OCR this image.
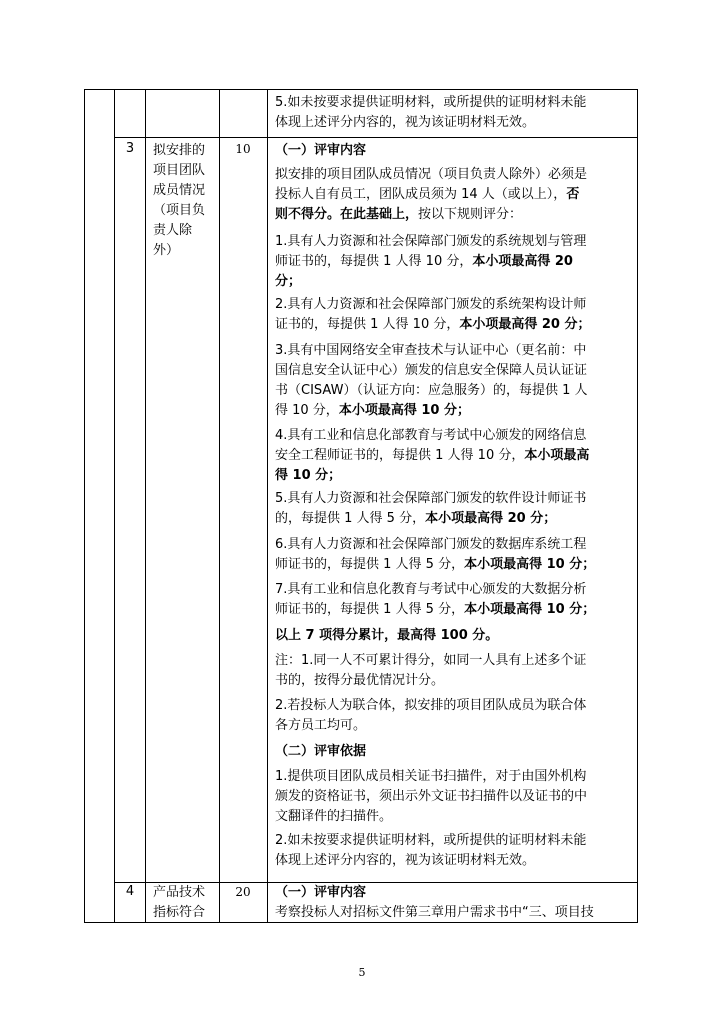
5.如未按要求提供证明材料，或所提供的证明材料未能
体现上述评分内容的，视为该证明材料无效。
3	拟安排的
项目团队
成员情况
（项目负
责人除
外）
10	（一）评审内容
拟安排的项目团队成员情况（项目负责人除外）必须是
投标人自有员工，团队成员须为 14 人（或以上），否
则不得分。在此基础上，按以下规则评分：
1.具有人力资源和社会保障部门颁发的系统规划与管理
师证书的，每提供 1 人得 10 分，本小项最高得 20
分；
2.具有人力资源和社会保障部门颁发的系统架构设计师
证书的，每提供 1 人得 10 分，本小项最高得 20 分；
3.具有中国网络安全审查技术与认证中心（更名前：中
国信息安全认证中心）颁发的信息安全保障人员认证证
书（CISAW）（认证方向：应急服务）的，每提供 1 人
得 10 分，本小项最高得 10 分；
4.具有工业和信息化部教育与考试中心颁发的网络信息
安全工程师证书的，每提供 1 人得 10 分，本小项最高
得 10 分；
5.具有人力资源和社会保障部门颁发的软件设计师证书
的，每提供 1 人得 5 分，本小项最高得 20 分；
6.具有人力资源和社会保障部门颁发的数据库系统工程
师证书的，每提供 1 人得 5 分，本小项最高得 10 分；
7.具有工业和信息化教育与考试中心颁发的大数据分析
师证书的，每提供 1 人得 5 分，本小项最高得 10 分；
以上 7 项得分累计，最高得 100 分。
注：1.同一人不可累计得分，如同一人具有上述多个证
书的，按得分最优情况计分。
2.若投标人为联合体，拟安排的项目团队成员为联合体
各方员工均可。
（二）评审依据
1.提供项目团队成员相关证书扫描件，对于由国外机构
颁发的资格证书，须出示外文证书扫描件以及证书的中
文翻译件的扫描件。
2.如未按要求提供证明材料，或所提供的证明材料未能
体现上述评分内容的，视为该证明材料无效。
4	产品技术
指标符合
20	（一）评审内容
考察投标人对招标文件第三章用户需求书中“三、项目技
5
